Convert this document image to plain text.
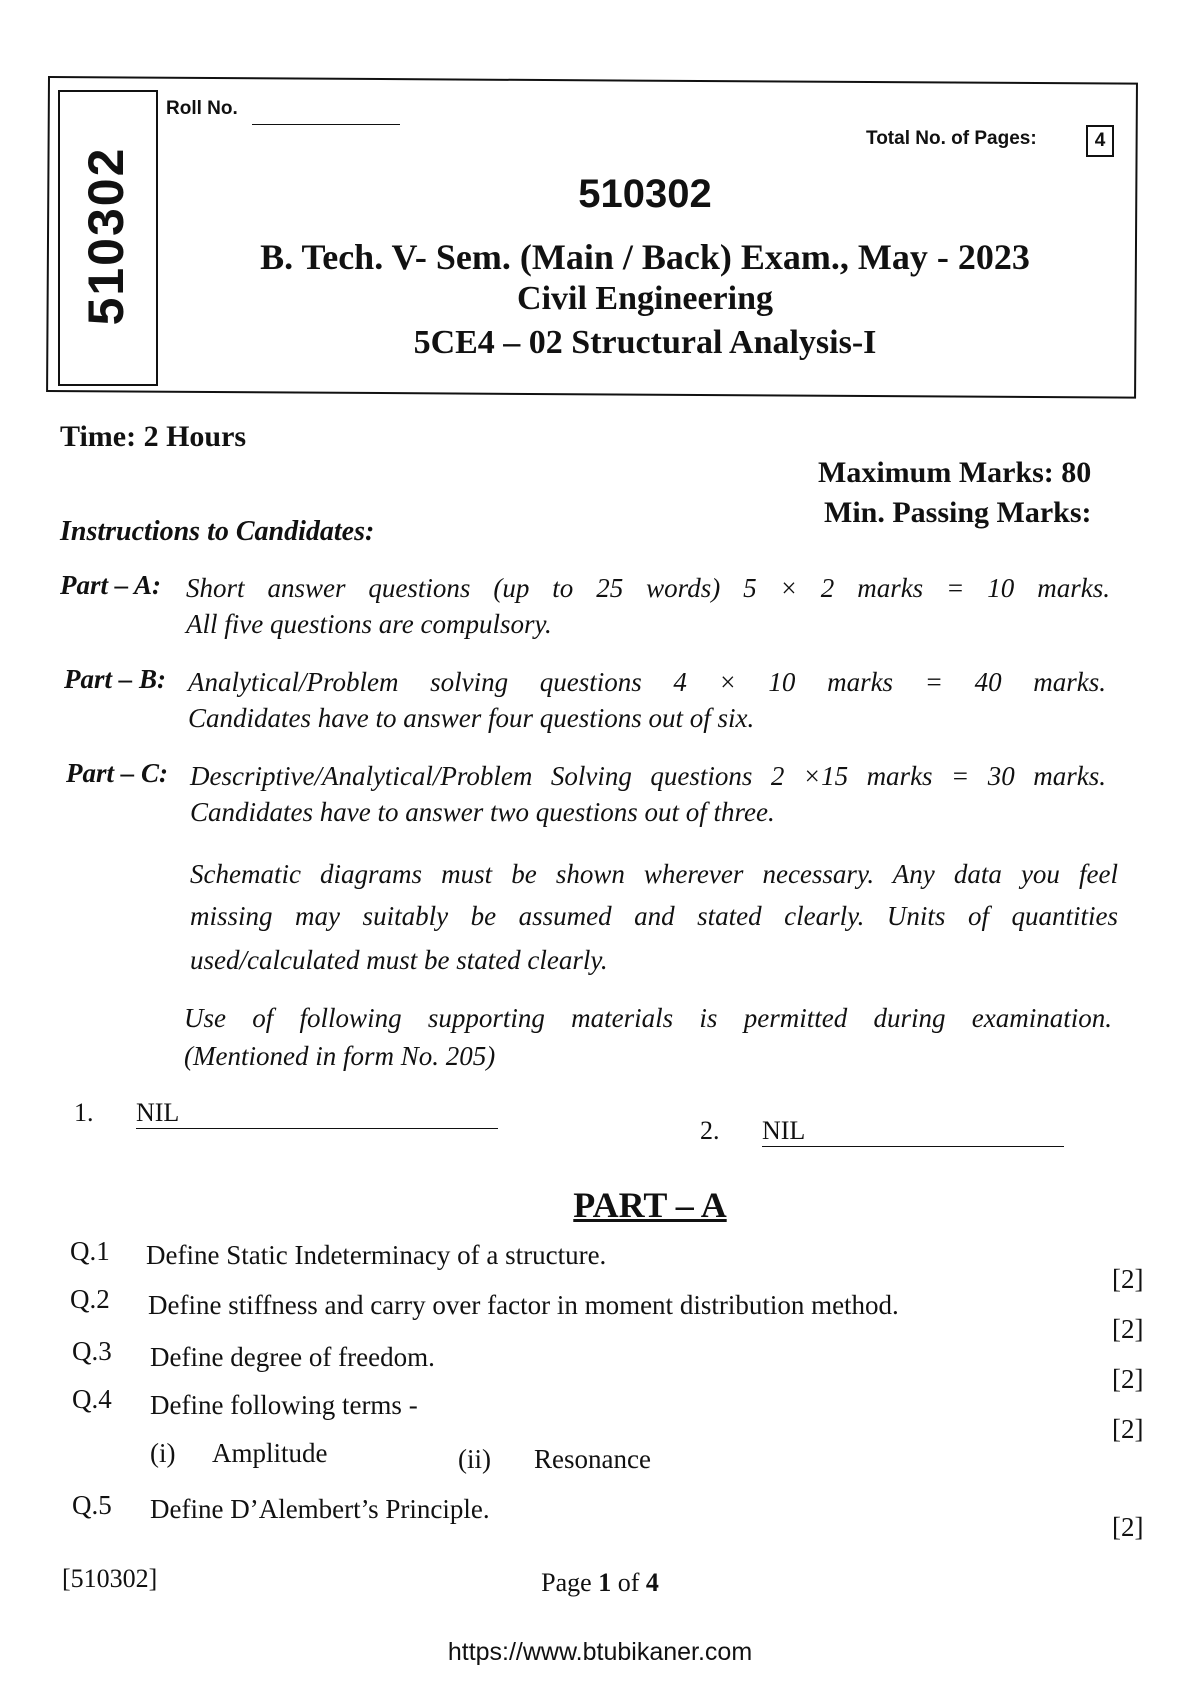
510302
Roll No.
Total No. of Pages:	4
510302
B. Tech. V- Sem. (Main / Back) Exam., May - 2023
Civil Engineering
5CE4 – 02 Structural Analysis-I
Time: 2 Hours
Maximum Marks: 80
Min. Passing Marks:
Instructions to Candidates:
Part – A: Short answer questions (up to 25 words) 5 × 2 marks = 10 marks.
All five questions are compulsory.
Part – B: Analytical/Problem solving questions 4 × 10 marks = 40 marks.
Candidates have to answer four questions out of six.
Part – C: Descriptive/Analytical/Problem Solving questions 2 ×15 marks = 30 marks.
Candidates have to answer two questions out of three.
Schematic diagrams must be shown wherever necessary. Any data you feel
missing may suitably be assumed and stated clearly. Units of quantities
used/calculated must be stated clearly.
Use of following supporting materials is permitted during examination.
(Mentioned in form No. 205)
1. NIL
2. NIL
PART – A
Q.1 Define Static Indeterminacy of a structure.
[2]
Q.2 Define stiffness and carry over factor in moment distribution method.
[2]
Q.3 Define degree of freedom.
[2]
Q.4 Define following terms -
[2]
(i) Amplitude	(ii) Resonance
Q.5 Define D’Alembert’s Principle.
[2]
[510302]	Page 1 of 4
https://www.btubikaner.com
